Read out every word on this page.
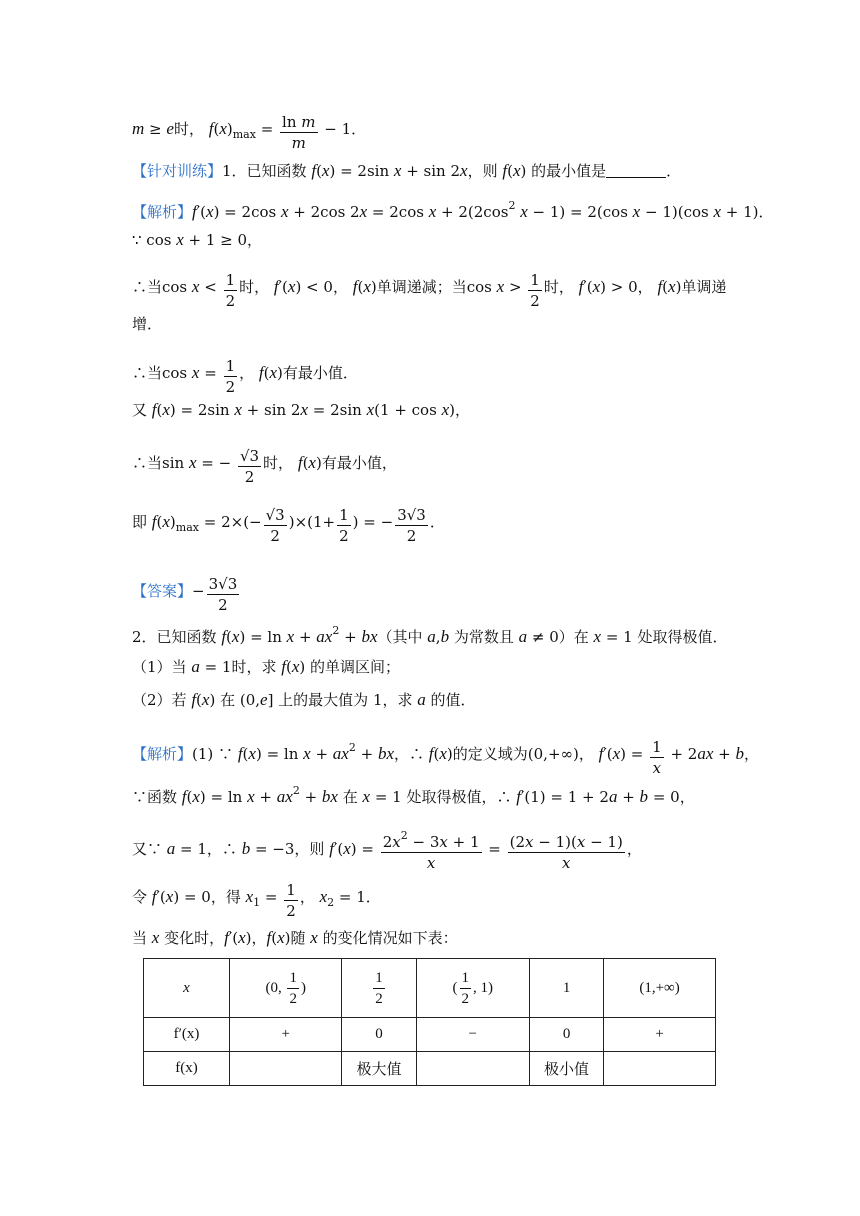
m ≥ e时， $f(x)_{max} = \frac{\text{ln m}}{m} - 1$．
【针对训练】1．已知函数 f(x) = 2sin x + sin 2x，则 f(x) 的最小值是	．
【解析】f′(x) = 2cos x + 2cos 2x = 2cos $x + 2(2\cos^2$ x − 1) = 2(cos x − 1)(cos x + 1)．
∵ cos x + 1 ≥ 0，
∴当$\cos x < \frac{1}{2}$ 时， f′(x) < 0， f(x)单调递减；当$\cos x > \frac{1}{2}$ 时， f′(x) > 0， f(x)单调递
增．
∴当$\cos x = \frac{1}{2}$ ， f(x)有最小值．
又 f(x) = 2sin x + sin 2x = 2sin x(1 + cos x)，
∴当sin x = − $\frac{√3}{2}$ 时， f(x)有最小值，
即 $f(x)_{max} = 2\times(- \frac{√3}{2} )\times(1+ \frac{1}{2}$ ) = − $\frac{3√3}{2}$ ．
【答案】− $\frac{3√3}{2}$
2．已知函数 $f(x) = \ln x + ax^2 + bx$（其中 a,b 为常数且 a ≠ 0）在 x = 1 处取得极值．
（1）当 a = 1时，求 f(x) 的单调区间；
（2）若 f(x) 在 (0,e] 上的最大值为 1，求 a 的值．
【解析】(1) ∵ $f(x) = \ln x + ax^2$ + bx，∴ f(x)的定义域为(0,+∞)， $f'(x) = \frac{1}{x} + 2ax + b$，
∵函数 $f(x) = \ln x + ax^2$ + bx 在 x = 1 处取得极值，∴ f′(1) = 1 + 2a + b = 0，
又∵ a = 1，∴ b = −3，则 $f'(x) = \frac{2x^2 - 3x + 1}{x} = \frac{(2x - 1)(x - 1)}{x}$ ，
令 f′(x) = 0，得 $x_1 = \frac{1}{2}$ ， $x_2 = 1$．
当 x 变化时，f′(x)，f(x)随 x 的变化情况如下表：
x	(0, $\frac{1}{2}$ )	$\frac{1}{2}$	( $\frac{1}{2}$ , 1)	1	(1,+∞)
f′(x)	+	0	−	0	+
f(x)		极大值		极小值	
